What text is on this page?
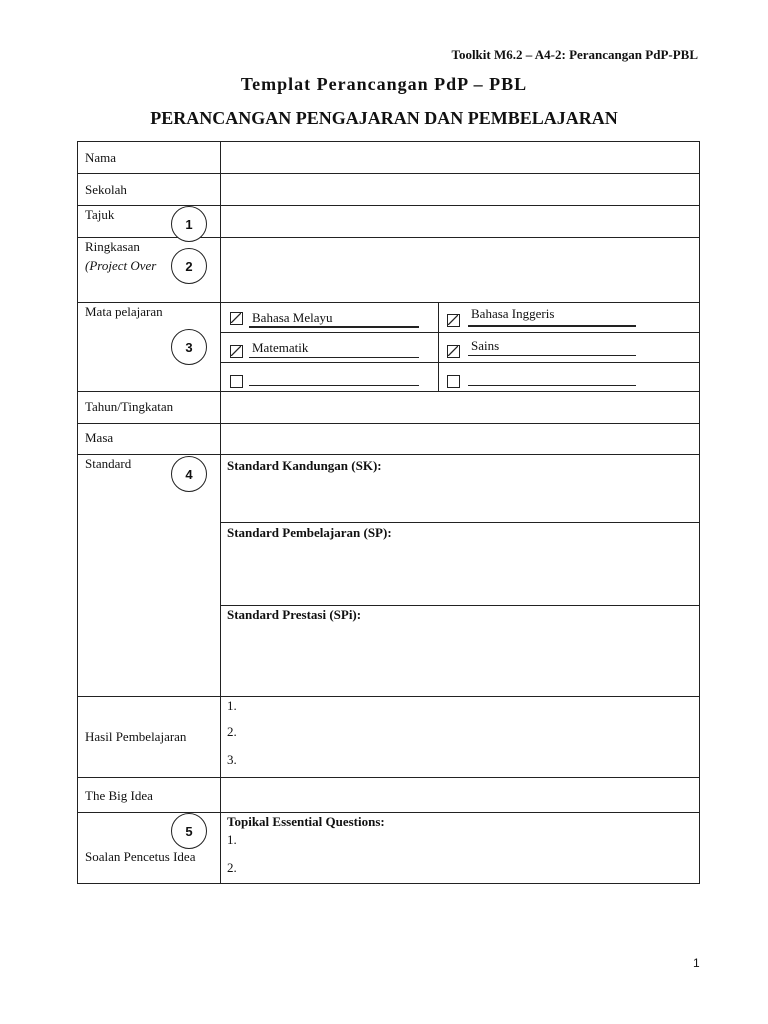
Toolkit M6.2 – A4-2: Perancangan PdP-PBL
Templat Perancangan PdP – PBL
PERANCANGAN PENGAJARAN DAN PEMBELAJARAN
Nama
Sekolah
Tajuk
Ringkasan
(Project Over
Mata pelajaran
Tahun/Tingkatan
Masa
Standard
Hasil Pembelajaran
The Big Idea
Soalan Pencetus Idea
1
2
3
4
5
Bahasa Melayu	Bahasa Inggeris
Matematik	Sains
Standard Kandungan (SK):
Standard Pembelajaran (SP):
Standard Prestasi (SPi):
1.
2.
3.
Topikal Essential Questions:
1.
2.
1
